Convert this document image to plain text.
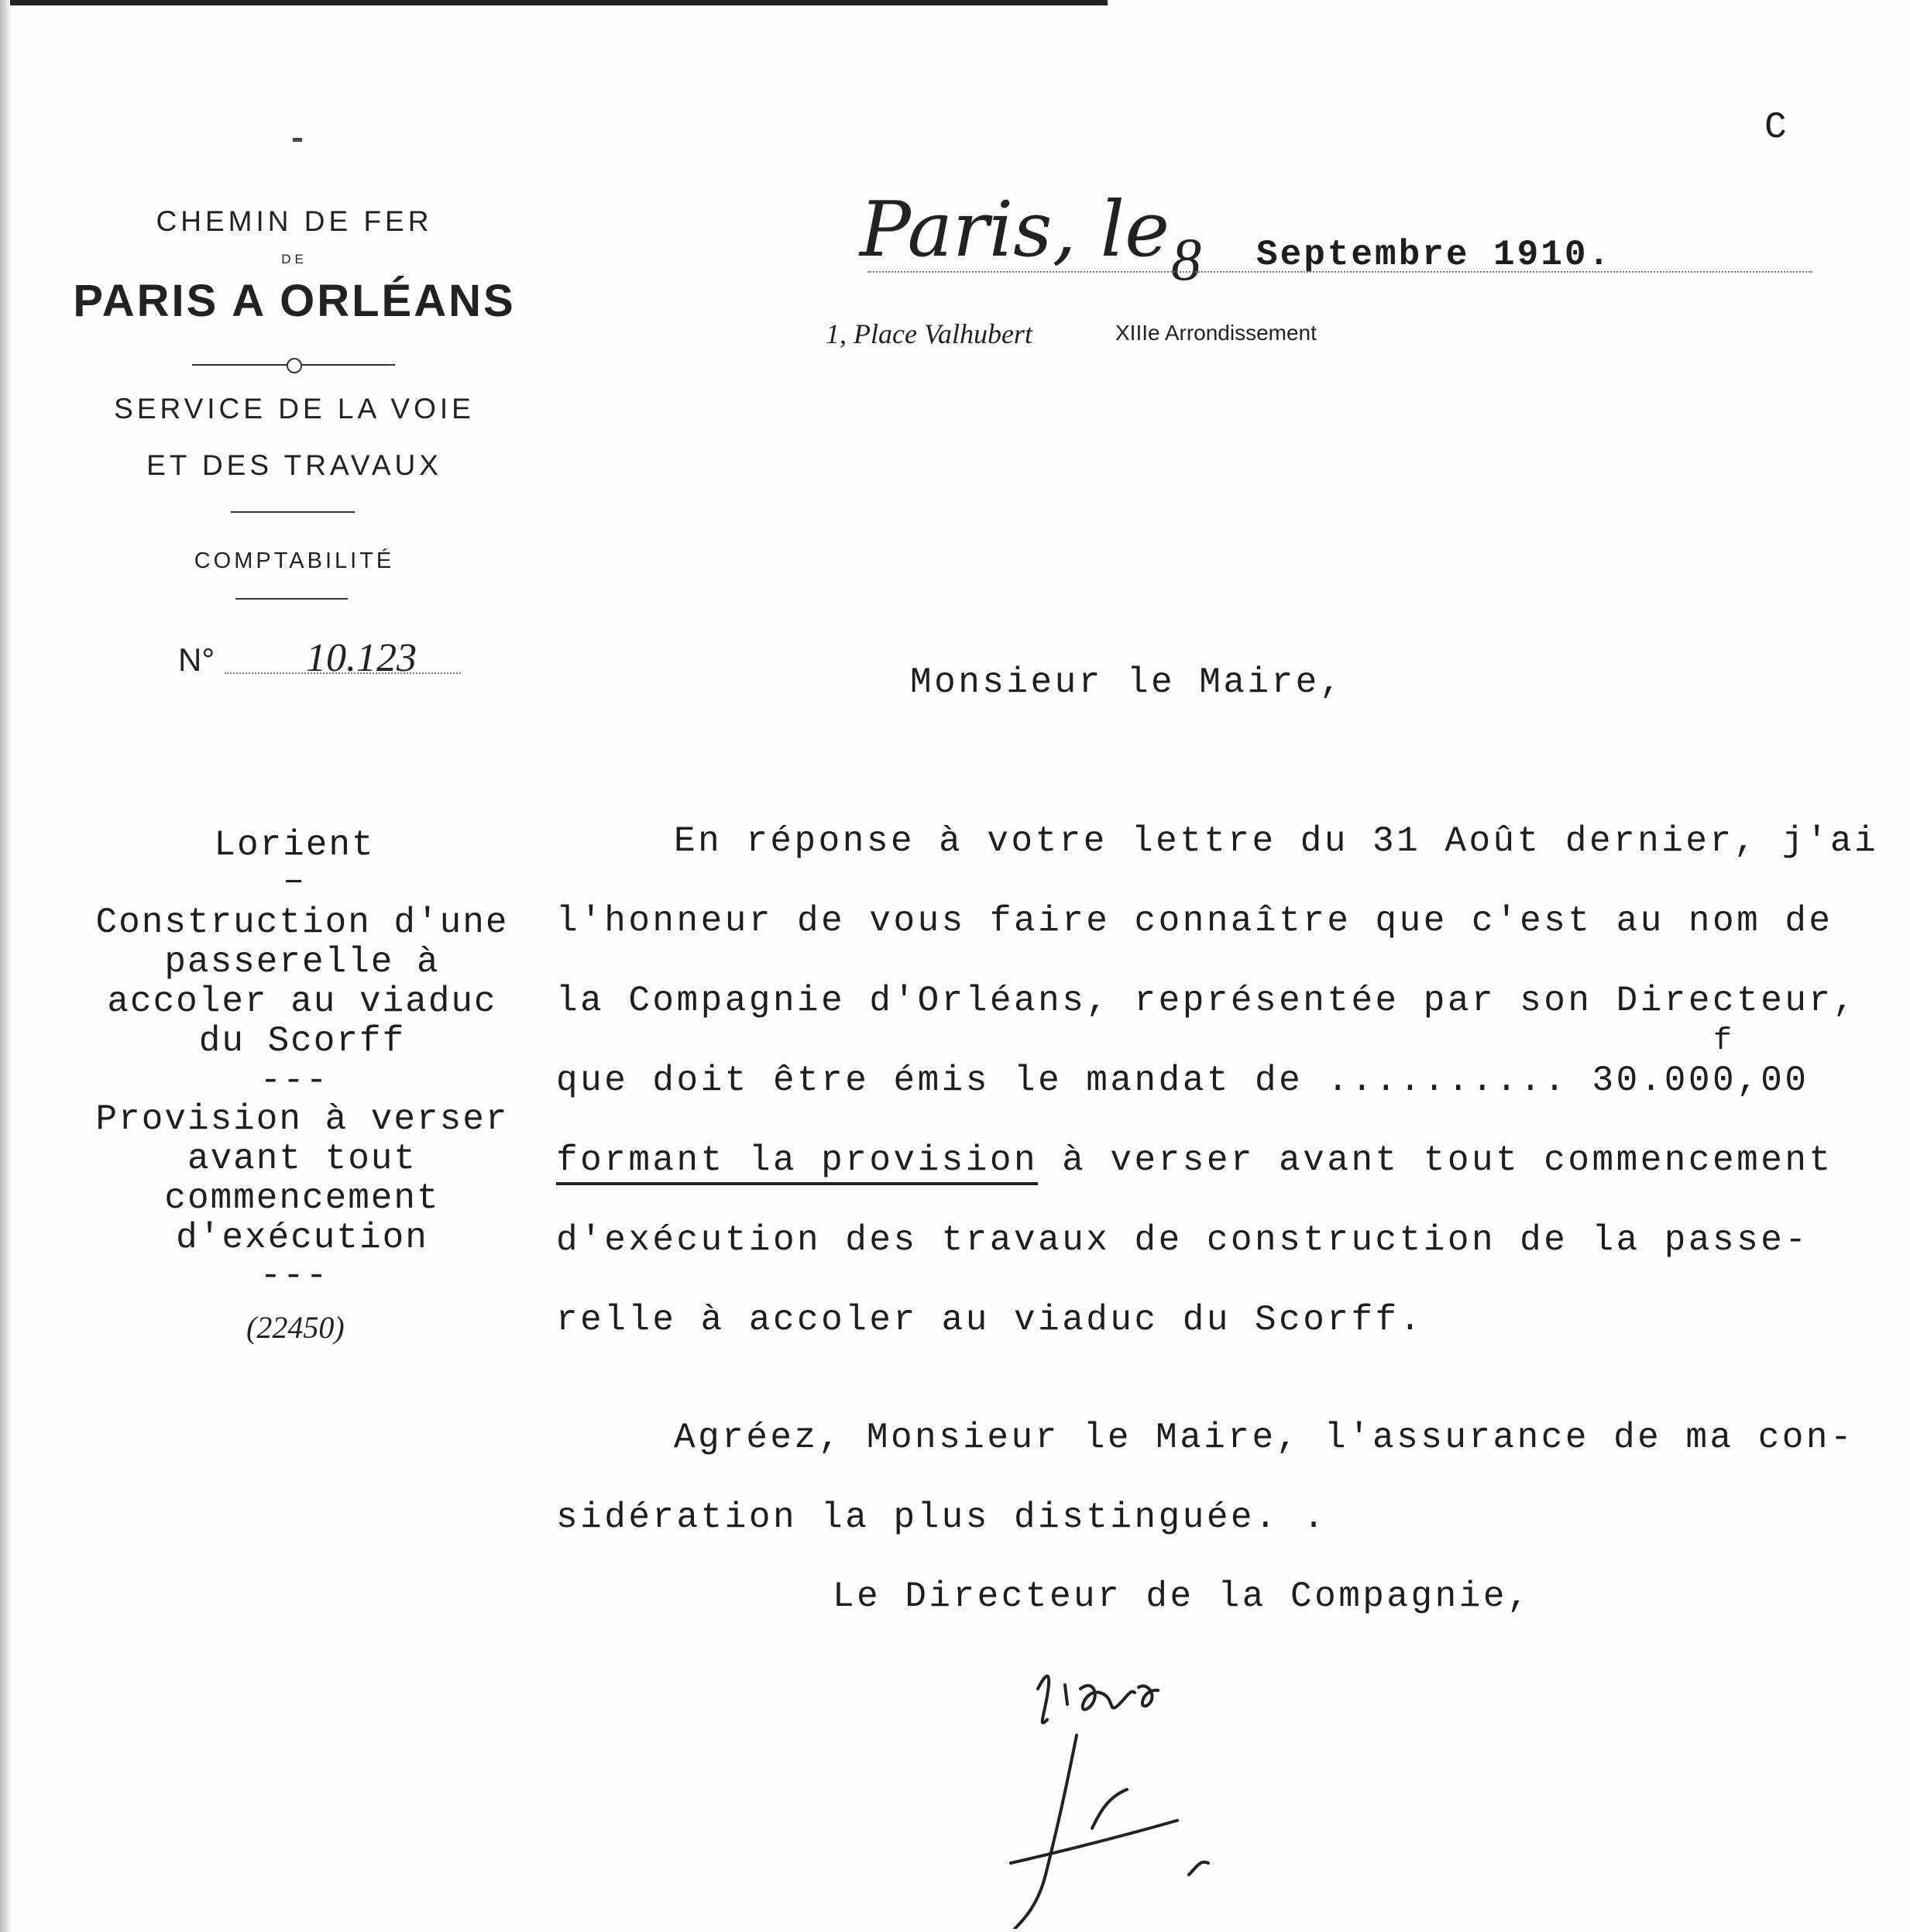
C
CHEMIN DE FER
DE
PARIS A ORLÉANS
SERVICE DE LA VOIE
ET DES TRAVAUX
COMPTABILITÉ
N° 10.123
Paris, le 8 Septembre 1910.
1, Place Valhubert	XIIIe Arrondissement
Monsieur le Maire,
Lorient
–
Construction d'une passerelle à accoler au viaduc du Scorff
---
Provision à verser avant tout commencement d'exécution
---
(22450)
En réponse à votre lettre du 31 Août dernier, j'ai
l'honneur de vous faire connaître que c'est au nom de
la Compagnie d'Orléans, représentée par son Directeur,
f
que doit être émis le mandat de .......... 30.000,00
formant la provision à verser avant tout commencement
d'exécution des travaux de construction de la passe-
relle à accoler au viaduc du Scorff.
Agréez, Monsieur le Maire, l'assurance de ma con-
sidération la plus distinguée. .
Le Directeur de la Compagnie,
